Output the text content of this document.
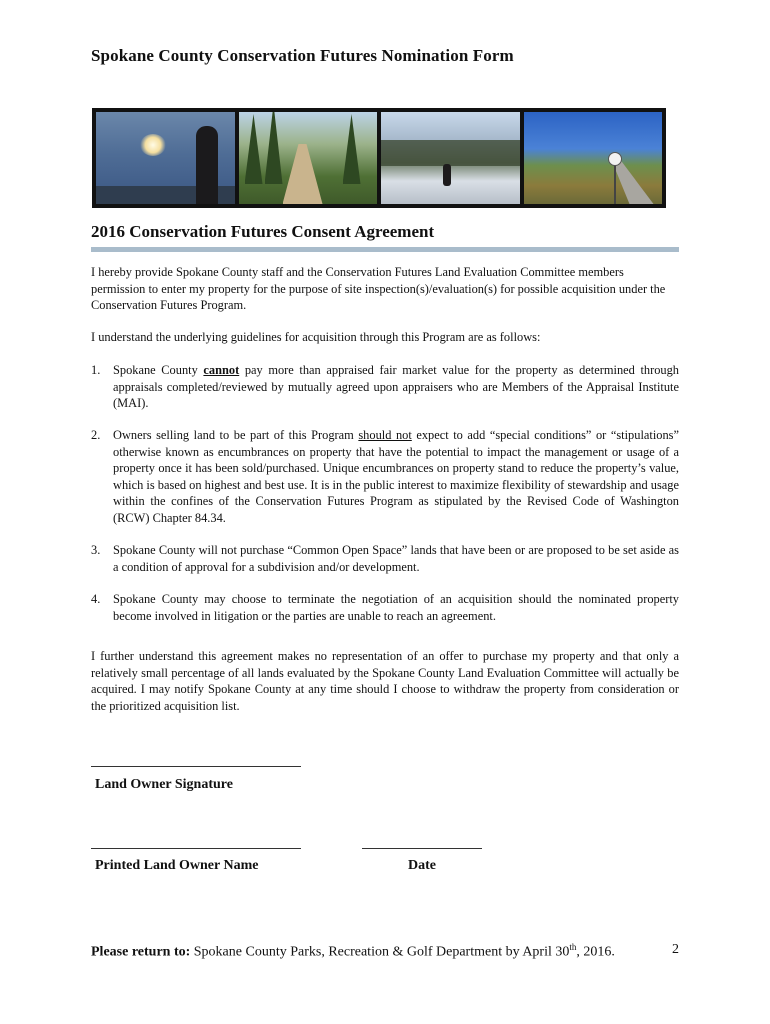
Spokane County Conservation Futures Nomination Form
2016 Conservation Futures Consent Agreement
I hereby provide Spokane County staff and the Conservation Futures Land Evaluation Committee members permission to enter my property for the purpose of site inspection(s)/evaluation(s) for possible acquisition under the Conservation Futures Program.
I understand the underlying guidelines for acquisition through this Program are as follows:
1. Spokane County cannot pay more than appraised fair market value for the property as determined through appraisals completed/reviewed by mutually agreed upon appraisers who are Members of the Appraisal Institute (MAI).
2. Owners selling land to be part of this Program should not expect to add “special conditions” or “stipulations” otherwise known as encumbrances on property that have the potential to impact the management or usage of a property once it has been sold/purchased. Unique encumbrances on property stand to reduce the property’s value, which is based on highest and best use. It is in the public interest to maximize flexibility of stewardship and usage within the confines of the Conservation Futures Program as stipulated by the Revised Code of Washington (RCW) Chapter 84.34.
3. Spokane County will not purchase “Common Open Space” lands that have been or are proposed to be set aside as a condition of approval for a subdivision and/or development.
4. Spokane County may choose to terminate the negotiation of an acquisition should the nominated property become involved in litigation or the parties are unable to reach an agreement.
I further understand this agreement makes no representation of an offer to purchase my property and that only a relatively small percentage of all lands evaluated by the Spokane County Land Evaluation Committee will actually be acquired. I may notify Spokane County at any time should I choose to withdraw the property from consideration or the prioritized acquisition list.
Land Owner Signature
Printed Land Owner Name	Date
Please return to: Spokane County Parks, Recreation & Golf Department by April 30th, 2016.	2
